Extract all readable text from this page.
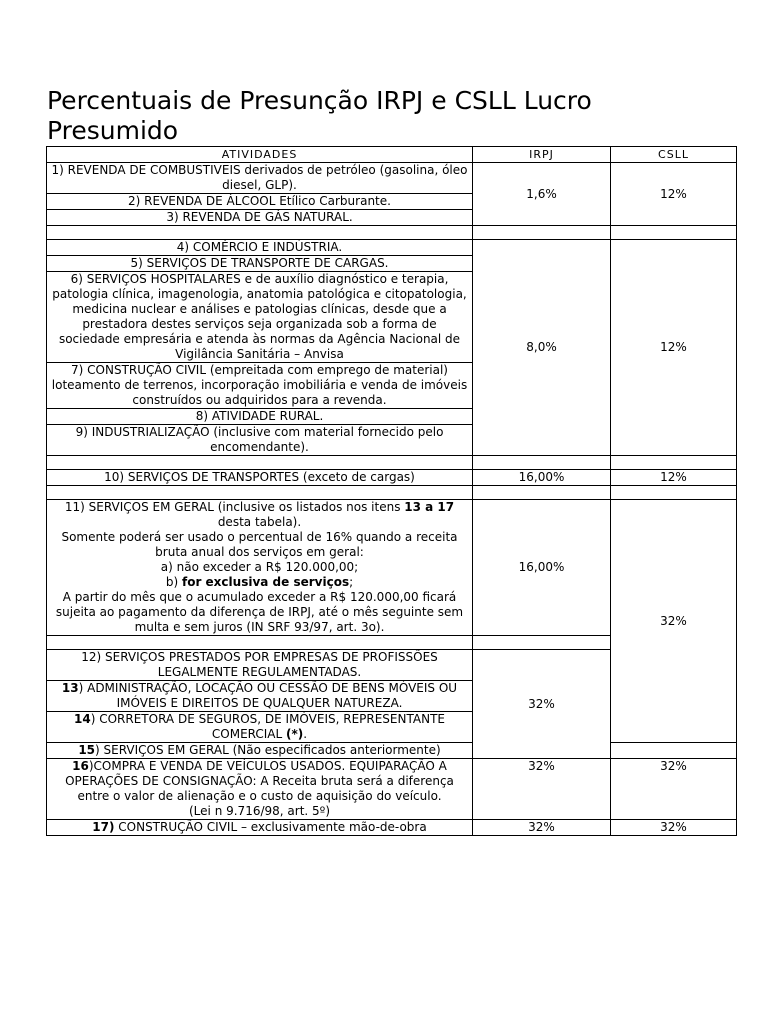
Percentuais de Presunção IRPJ e CSLL Lucro Presumido
ATIVIDADES	IRPJ	CSLL
1) REVENDA DE COMBUSTIVEIS derivados de petróleo (gasolina, óleo diesel, GLP).	1,6%	12%
2) REVENDA DE ÁLCOOL Etílico Carburante.		
3) REVENDA DE GÁS NATURAL.		

4) COMÉRCIO E INDÚSTRIA.	8,0%	12%
5) SERVIÇOS DE TRANSPORTE DE CARGAS.		
6) SERVIÇOS HOSPITALARES e de auxílio diagnóstico e terapia, patologia clínica, imagenologia, anatomia patológica e citopatologia, medicina nuclear e análises e patologias clínicas, desde que a prestadora destes serviços seja organizada sob a forma de sociedade empresária e atenda às normas da Agência Nacional de Vigilância Sanitária – Anvisa		
7) CONSTRUÇÃO CIVIL (empreitada com emprego de material) loteamento de terrenos, incorporação imobiliária e venda de imóveis construídos ou adquiridos para a revenda.		
8) ATIVIDADE RURAL.		
9) INDUSTRIALIZAÇÃO (inclusive com material fornecido pelo encomendante).		

10) SERVIÇOS DE TRANSPORTES (exceto de cargas)	16,00%	12%

11) SERVIÇOS EM GERAL (inclusive os listados nos itens 13 a 17 desta tabela).
Somente poderá ser usado o percentual de 16% quando a receita bruta anual dos serviços em geral:
a) não exceder a R$ 120.000,00;
b) for exclusiva de serviços;
A partir do mês que o acumulado exceder a R$ 120.000,00 ficará sujeita ao pagamento da diferença de IRPJ, até o mês seguinte sem multa e sem juros (IN SRF 93/97, art. 3o).	16,00%	32%

12) SERVIÇOS PRESTADOS POR EMPRESAS DE PROFISSÕES LEGALMENTE REGULAMENTADAS.	32%	
13) ADMINISTRAÇÃO, LOCAÇÃO OU CESSÃO DE BENS MÓVEIS OU IMÓVEIS E DIREITOS DE QUALQUER NATUREZA.		
14) CORRETORA DE SEGUROS, DE IMÓVEIS, REPRESENTANTE COMERCIAL (*).		
15) SERVIÇOS EM GERAL (Não especificados anteriormente)		

16)COMPRA E VENDA DE VEÍCULOS USADOS. EQUIPARAÇÃO A OPERAÇÕES DE CONSIGNAÇÃO: A Receita bruta será a diferença entre o valor de alienação e o custo de aquisição do veículo.
(Lei n 9.716/98, art. 5º)	32%	32%
17) CONSTRUÇÃO CIVIL – exclusivamente mão-de-obra	32%	32%
